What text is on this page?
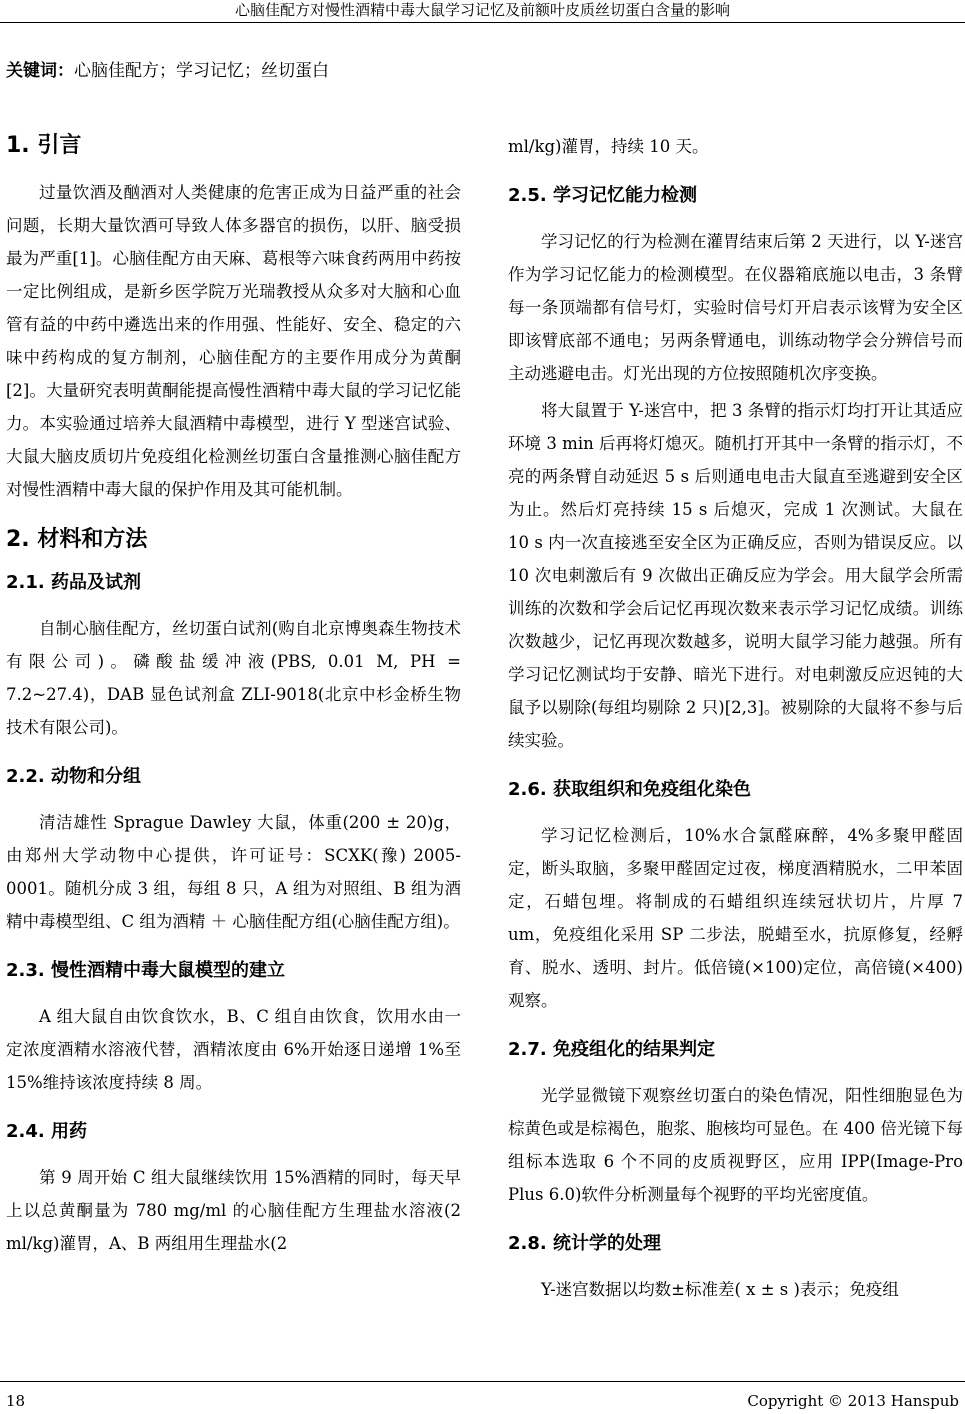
心脑佳配方对慢性酒精中毒大鼠学习记忆及前额叶皮质丝切蛋白含量的影响
关键词：心脑佳配方；学习记忆；丝切蛋白
1. 引言

过量饮酒及酗酒对人类健康的危害正成为日益严重的社会问题，长期大量饮酒可导致人体多器官的损伤，以肝、脑受损最为严重[1]。心脑佳配方由天麻、葛根等六味食药两用中药按一定比例组成，是新乡医学院万光瑞教授从众多对大脑和心血管有益的中药中遴选出来的作用强、性能好、安全、稳定的六味中药构成的复方制剂，心脑佳配方的主要作用成分为黄酮[2]。大量研究表明黄酮能提高慢性酒精中毒大鼠的学习记忆能力。本实验通过培养大鼠酒精中毒模型，进行 Y 型迷宫试验、大鼠大脑皮质切片免疫组化检测丝切蛋白含量推测心脑佳配方对慢性酒精中毒大鼠的保护作用及其可能机制。

2. 材料和方法
2.1. 药品及试剂

自制心脑佳配方，丝切蛋白试剂(购自北京博奥森生物技术有限公司)。磷酸盐缓冲液(PBS, 0.01 M, PH = 7.2~27.4)，DAB 显色试剂盒 ZLI-9018(北京中杉金桥生物技术有限公司)。

2.2. 动物和分组

清洁雄性 Sprague Dawley 大鼠，体重(200 ± 20)g，由郑州大学动物中心提供，许可证号：SCXK(豫) 2005-0001。随机分成 3 组，每组 8 只，A 组为对照组、B 组为酒精中毒模型组、C 组为酒精 ＋ 心脑佳配方组(心脑佳配方组)。

2.3. 慢性酒精中毒大鼠模型的建立

A 组大鼠自由饮食饮水，B、C 组自由饮食，饮用水由一定浓度酒精水溶液代替，酒精浓度由 6%开始逐日递增 1%至 15%维持该浓度持续 8 周。

2.4. 用药

第 9 周开始 C 组大鼠继续饮用 15%酒精的同时，每天早上以总黄酮量为 780 mg/ml 的心脑佳配方生理盐水溶液(2 ml/kg)灌胃，A、B 两组用生理盐水(2

ml/kg)灌胃，持续 10 天。

2.5. 学习记忆能力检测

学习记忆的行为检测在灌胃结束后第 2 天进行，以 Y-迷宫作为学习记忆能力的检测模型。在仪器箱底施以电击，3 条臂每一条顶端都有信号灯，实验时信号灯开启表示该臂为安全区即该臂底部不通电；另两条臂通电，训练动物学会分辨信号而主动逃避电击。灯光出现的方位按照随机次序变换。

将大鼠置于 Y-迷宫中，把 3 条臂的指示灯均打开让其适应环境 3 min 后再将灯熄灭。随机打开其中一条臂的指示灯，不亮的两条臂自动延迟 5 s 后则通电电击大鼠直至逃避到安全区为止。然后灯亮持续 15 s 后熄灭，完成 1 次测试。大鼠在 10 s 内一次直接逃至安全区为正确反应，否则为错误反应。以 10 次电刺激后有 9 次做出正确反应为学会。用大鼠学会所需训练的次数和学会后记忆再现次数来表示学习记忆成绩。训练次数越少，记忆再现次数越多，说明大鼠学习能力越强。所有学习记忆测试均于安静、暗光下进行。对电刺激反应迟钝的大鼠予以剔除(每组均剔除 2 只)[2,3]。被剔除的大鼠将不参与后续实验。

2.6. 获取组织和免疫组化染色

学习记忆检测后，10%水合氯醛麻醉，4%多聚甲醛固定，断头取脑，多聚甲醛固定过夜，梯度酒精脱水，二甲苯固定，石蜡包埋。将制成的石蜡组织连续冠状切片，片厚 7 um，免疫组化采用 SP 二步法，脱蜡至水，抗原修复，经孵育、脱水、透明、封片。低倍镜(×100)定位，高倍镜(×400)观察。

2.7. 免疫组化的结果判定

光学显微镜下观察丝切蛋白的染色情况，阳性细胞显色为棕黄色或是棕褐色，胞浆、胞核均可显色。在 400 倍光镜下每组标本选取 6 个不同的皮质视野区，应用 IPP(Image-Pro Plus 6.0)软件分析测量每个视野的平均光密度值。

2.8. 统计学的处理

Y-迷宫数据以均数±标准差( x ± s )表示；免疫组

18	Copyright © 2013 Hanspub
